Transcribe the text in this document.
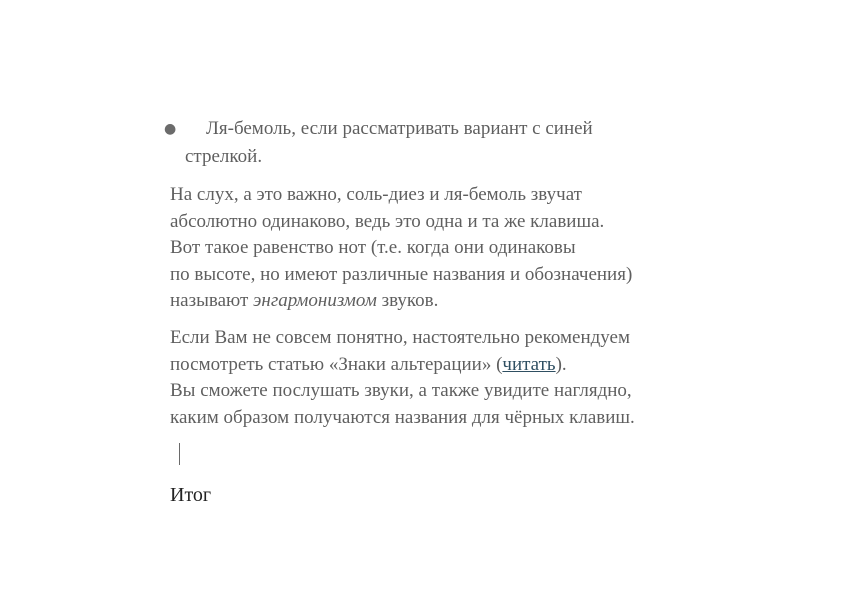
●	Ля-бемоль, если рассматривать вариант с синей
стрелкой.

На слух, а это важно, соль-диез и ля-бемоль звучат
абсолютно одинаково, ведь это одна и та же клавиша.
Вот такое равенство нот (т.е. когда они одинаковы
по высоте, но имеют различные названия и обозначения)
называют энгармонизмом звуков.

Если Вам не совсем понятно, настоятельно рекомендуем
посмотреть статью «Знаки альтерации» (читать).
Вы сможете послушать звуки, а также увидите наглядно,
каким образом получаются названия для чёрных клавиш.

Итог
